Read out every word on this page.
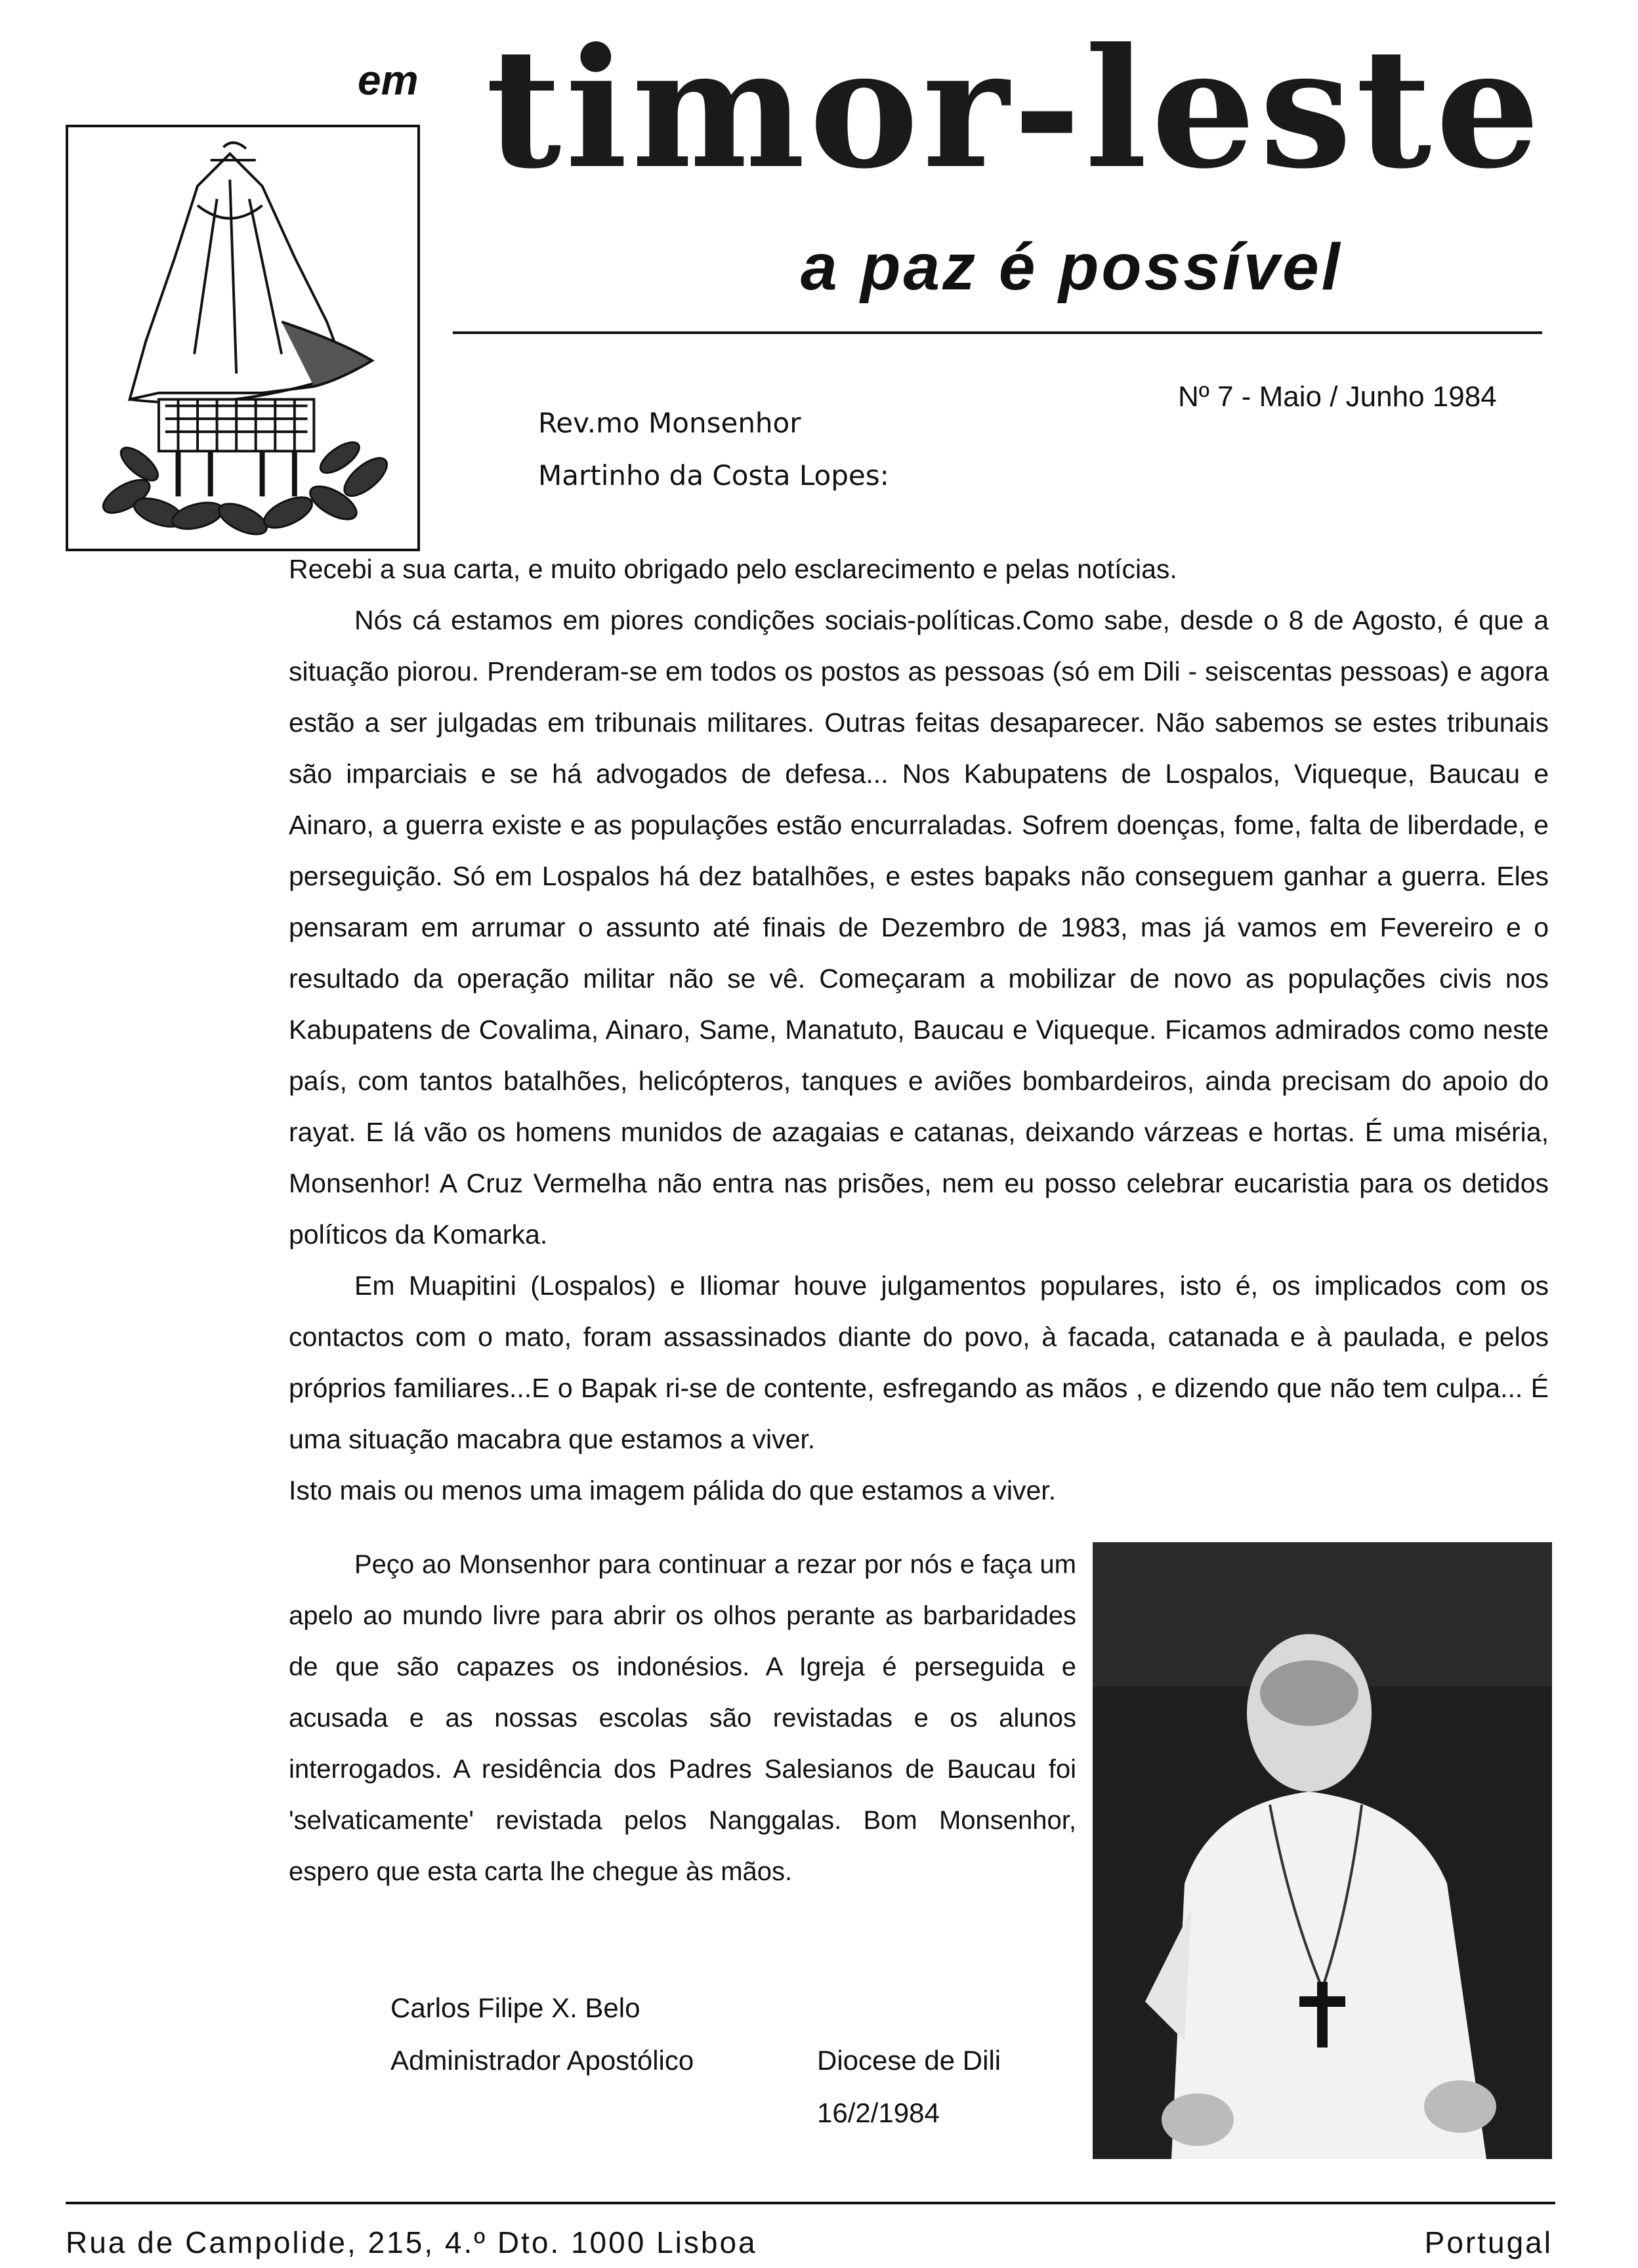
em timor-leste
a paz é possível
Nº 7 - Maio / Junho 1984
Rev.mo Monsenhor
Martinho da Costa Lopes:

Recebi a sua carta, e muito obrigado pelo esclarecimento e pelas notícias.

Nós cá estamos em piores condições sociais-políticas.Como sabe, desde o 8 de Agosto, é que a situação piorou. Prenderam-se em todos os postos as pessoas (só em Dili - seiscentas pessoas) e agora estão a ser julgadas em tribunais militares. Outras feitas desaparecer. Não sabemos se estes tribunais são imparciais e se há advogados de defesa... Nos Kabupatens de Lospalos, Viqueque, Baucau e Ainaro, a guerra existe e as populações estão encurraladas. Sofrem doenças, fome, falta de liberdade, e perseguição. Só em Lospalos há dez batalhões, e estes bapaks não conseguem ganhar a guerra. Eles pensaram em arrumar o assunto até finais de Dezembro de 1983, mas já vamos em Fevereiro e o resultado da operação militar não se vê. Começaram a mobilizar de novo as populações civis nos Kabupatens de Covalima, Ainaro, Same, Manatuto, Baucau e Viqueque. Ficamos admirados como neste país, com tantos batalhões, helicópteros, tanques e aviões bombardeiros, ainda precisam do apoio do rayat. E lá vão os homens munidos de azagaias e catanas, deixando várzeas e hortas. É uma miséria, Monsenhor! A Cruz Vermelha não entra nas prisões, nem eu posso celebrar eucaristia para os detidos políticos da Komarka.

Em Muapitini (Lospalos) e Iliomar houve julgamentos populares, isto é, os implicados com os contactos com o mato, foram assassinados diante do povo, à facada, catanada e à paulada, e pelos próprios familiares...E o Bapak ri-se de contente, esfregando as mãos , e dizendo que não tem culpa... É uma situação macabra que estamos a viver.

Isto mais ou menos uma imagem pálida do que estamos a viver.

Peço ao Monsenhor para continuar a rezar por nós e faça um apelo ao mundo livre para abrir os olhos perante as barbaridades de que são capazes os indonésios. A Igreja é perseguida e acusada e as nossas escolas são revistadas e os alunos interrogados. A residência dos Padres Salesianos de Baucau foi 'selvaticamente' revistada pelos Nanggalas. Bom Monsenhor, espero que esta carta lhe chegue às mãos.

Carlos Filipe X. Belo
Administrador Apostólico	Diocese de Dili
16/2/1984
Rua de Campolide, 215, 4.º Dto. 1000 Lisboa	Portugal
